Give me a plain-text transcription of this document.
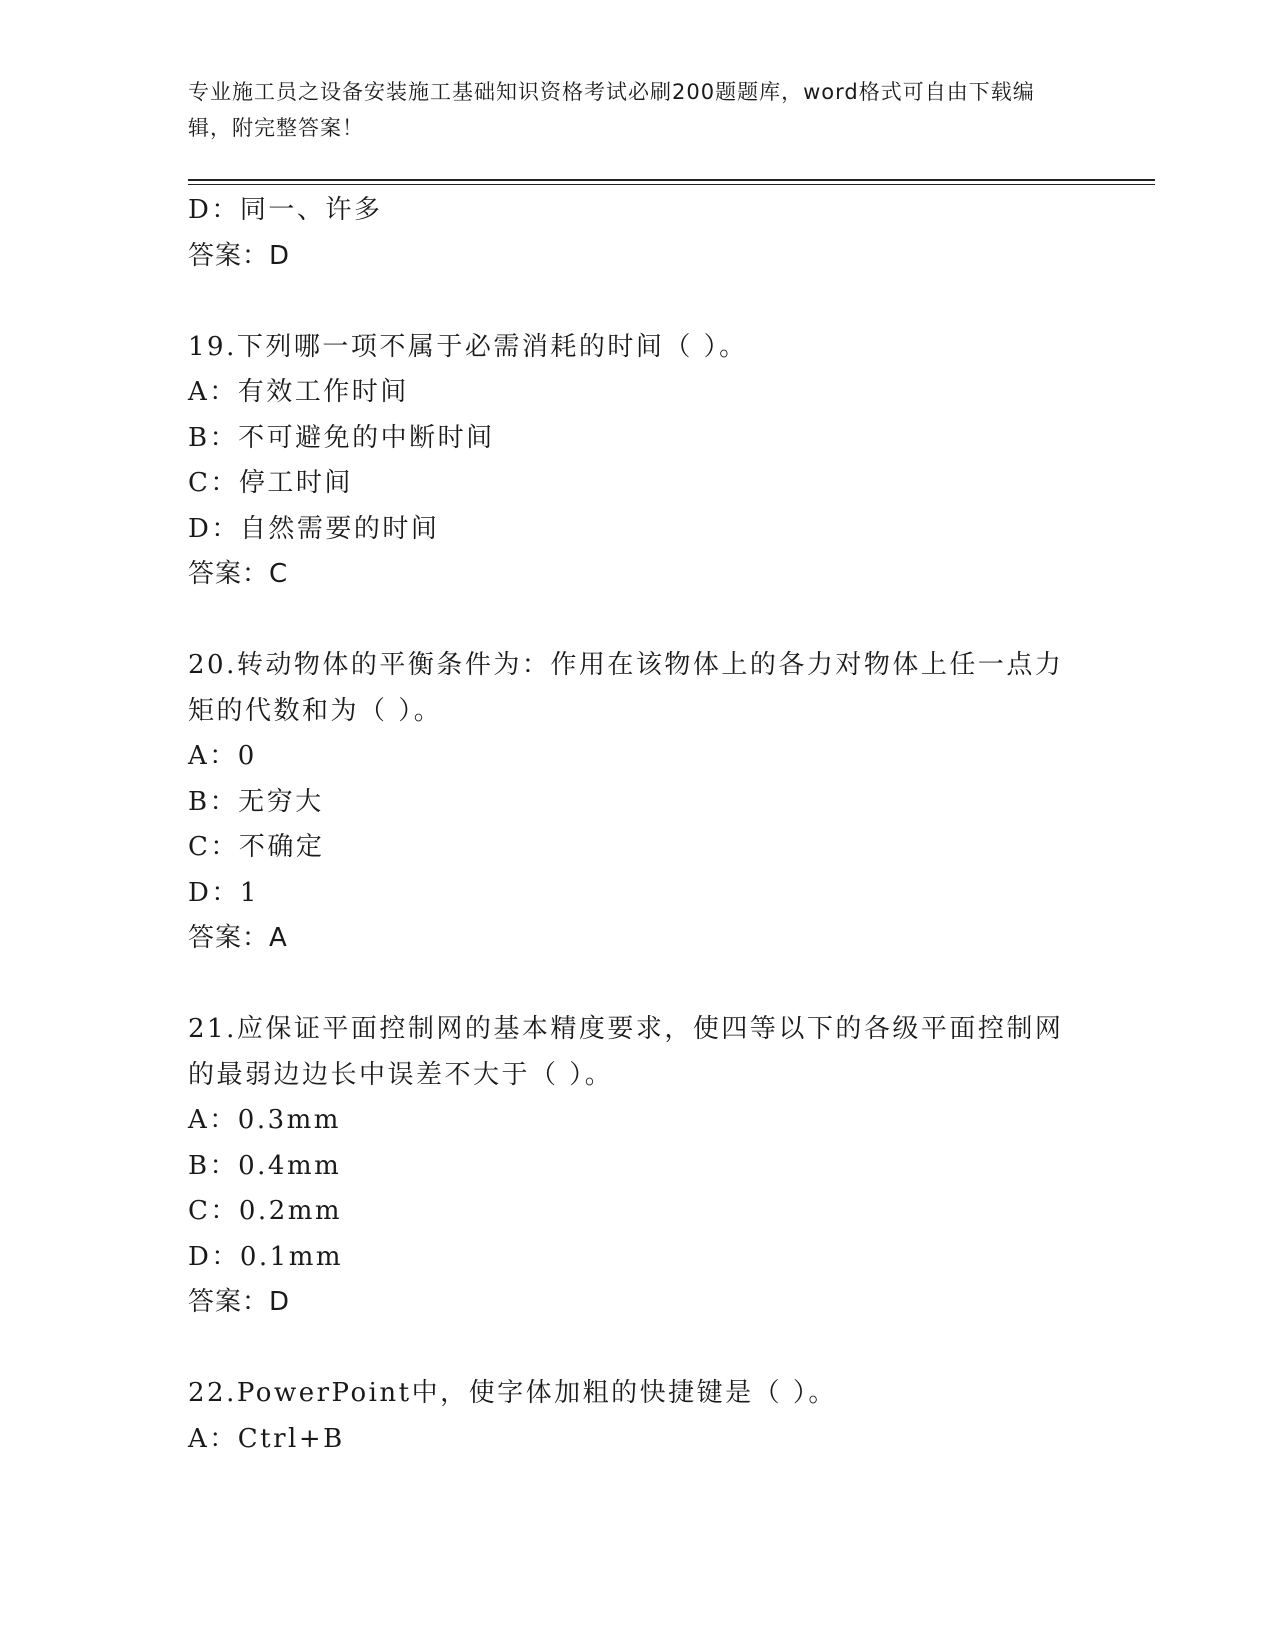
专业施工员之设备安装施工基础知识资格考试必刷200题题库，word格式可自由下载编辑，附完整答案！
D：同一、许多
答案：D
19.下列哪一项不属于必需消耗的时间（ ）。
A：有效工作时间
B：不可避免的中断时间
C：停工时间
D：自然需要的时间
答案：C
20.转动物体的平衡条件为：作用在该物体上的各力对物体上任一点力
矩的代数和为（ ）。
A：0
B：无穷大
C：不确定
D：1
答案：A
21.应保证平面控制网的基本精度要求，使四等以下的各级平面控制网
的最弱边边长中误差不大于（ ）。
A：0.3mm
B：0.4mm
C：0.2mm
D：0.1mm
答案：D
22.PowerPoint中，使字体加粗的快捷键是（ ）。
A：Ctrl+B
